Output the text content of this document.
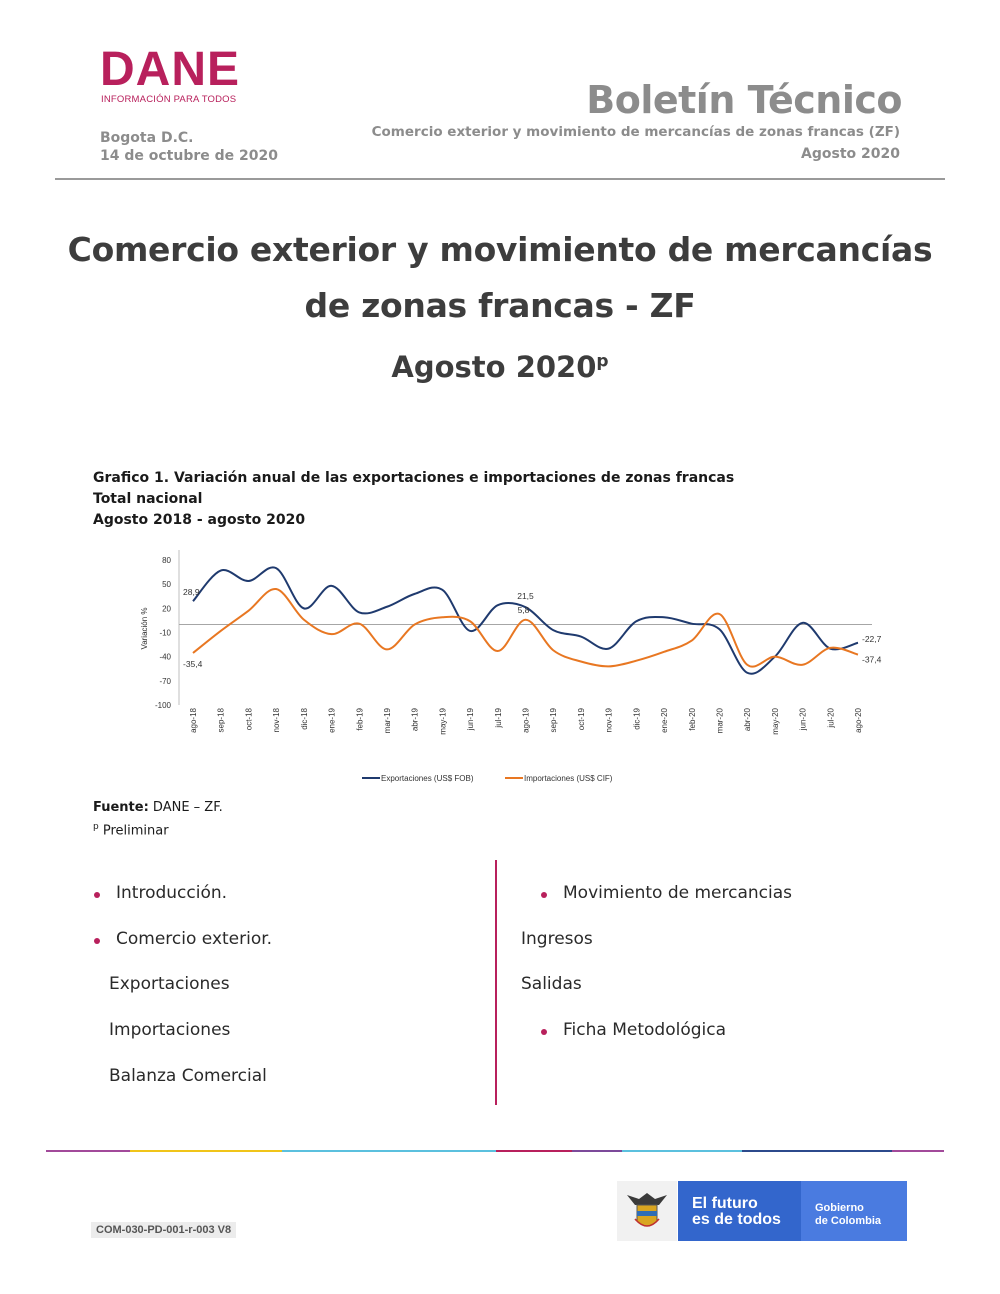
DANE
INFORMACIÓN PARA TODOS
Bogota D.C.
14 de octubre de 2020
Boletín Técnico
Comercio exterior y movimiento de mercancías de zonas francas (ZF)
Agosto 2020
Comercio exterior y movimiento de mercancías
de zonas francas - ZF
Agosto 2020$^p$
Grafico 1. Variación anual de las exportaciones e importaciones de zonas francas
Total nacional
Agosto 2018 - agosto 2020
80
50
20
-10
-40
-70
-100
Variación %
ago-18 sep-18 oct-18 nov-18 dic-18 ene-19 feb-19 mar-19 abr-19 may-19 jun-19 jul-19 ago-19 sep-19 oct-19 nov-19 dic-19 ene-20 feb-20 mar-20 abr-20 may-20 jun-20 jul-20 ago-20
28,9
-35,4
21,5
5,8
-22,7
-37,4
Exportaciones (US$ FOB)	Importaciones (US$ CIF)
Fuente: DANE – ZF.
$^p$ Preliminar
Introducción.
Comercio exterior.
Exportaciones
Importaciones
Balanza Comercial
Movimiento de mercancias
Ingresos
Salidas
Ficha Metodológica
COM-030-PD-001-r-003 V8
El futuro
es de todos
Gobierno
de Colombia
